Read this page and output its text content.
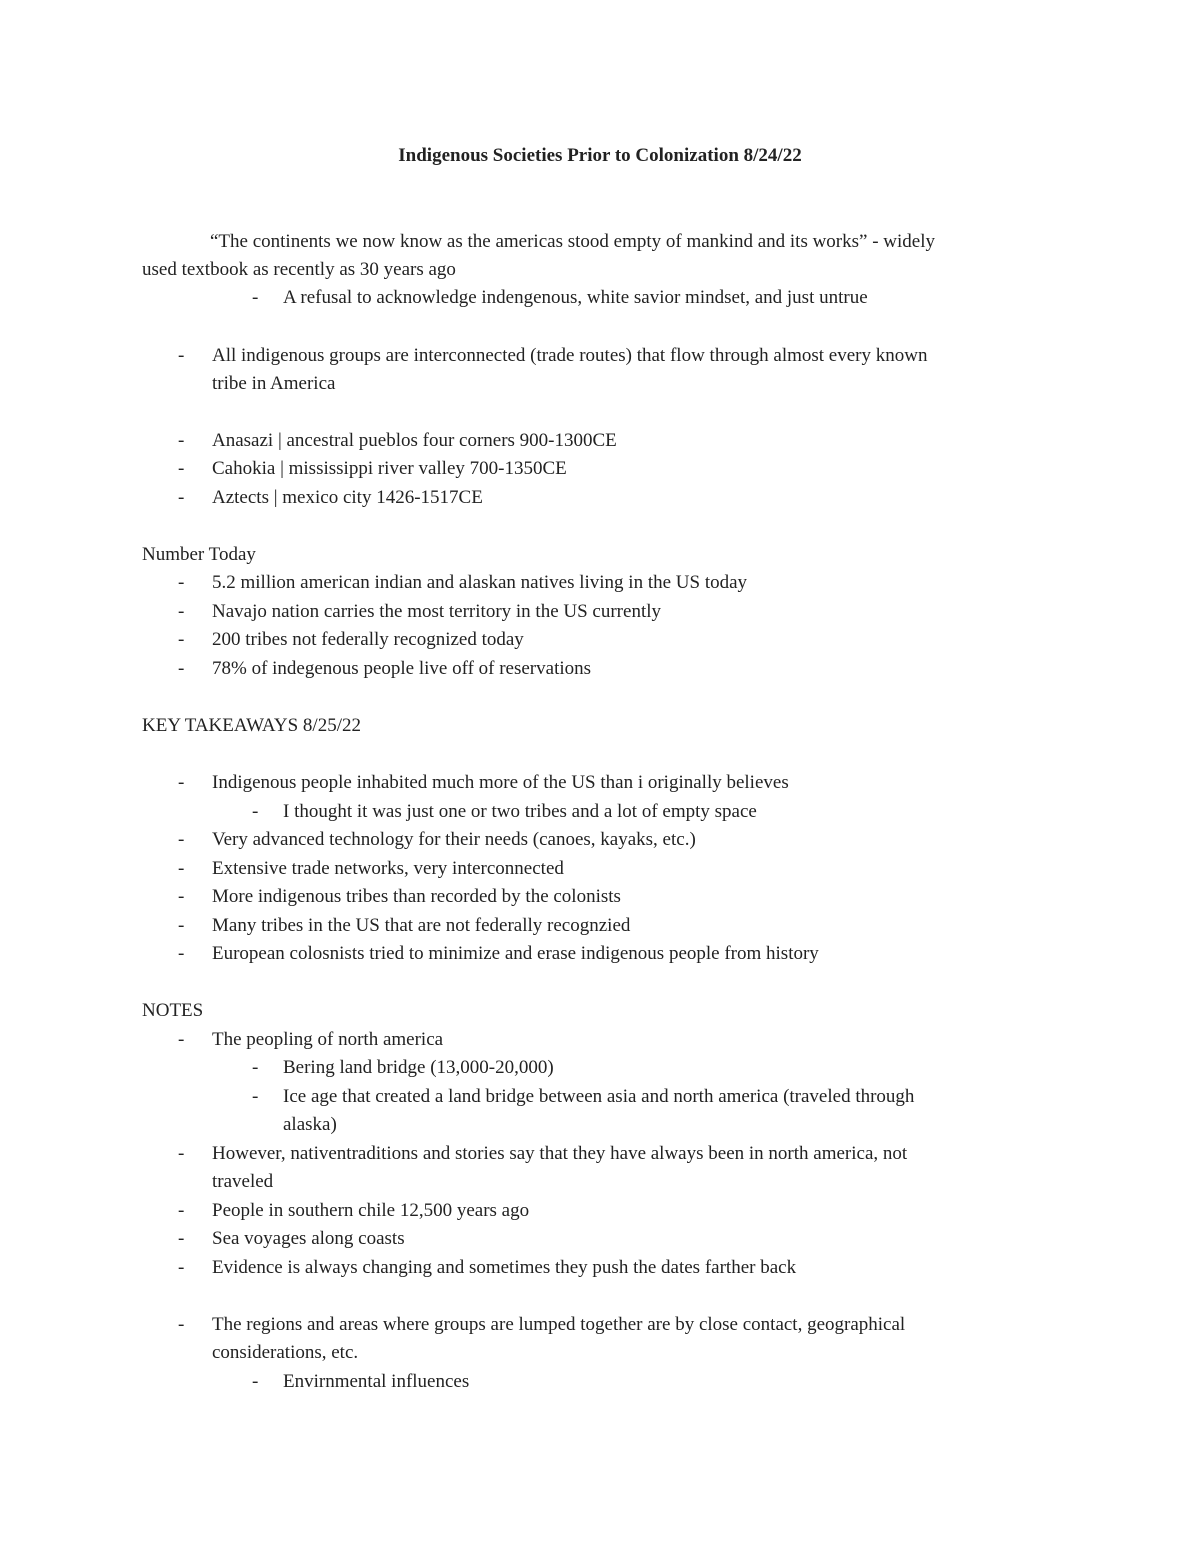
Indigenous Societies Prior to Colonization 8/24/22
“The continents we now know as the americas stood empty of mankind and its works” - widely
used textbook as recently as 30 years ago
- A refusal to acknowledge indengenous, white savior mindset, and just untrue
- All indigenous groups are interconnected (trade routes) that flow through almost every known
tribe in America
- Anasazi | ancestral pueblos four corners 900-1300CE
- Cahokia | mississippi river valley 700-1350CE
- Aztects | mexico city 1426-1517CE
Number Today
- 5.2 million american indian and alaskan natives living in the US today
- Navajo nation carries the most territory in the US currently
- 200 tribes not federally recognized today
- 78% of indegenous people live off of reservations
KEY TAKEAWAYS 8/25/22
- Indigenous people inhabited much more of the US than i originally believes
- I thought it was just one or two tribes and a lot of empty space
- Very advanced technology for their needs (canoes, kayaks, etc.)
- Extensive trade networks, very interconnected
- More indigenous tribes than recorded by the colonists
- Many tribes in the US that are not federally recognzied
- European colosnists tried to minimize and erase indigenous people from history
NOTES
- The peopling of north america
- Bering land bridge (13,000-20,000)
- Ice age that created a land bridge between asia and north america (traveled through
alaska)
- However, nativentraditions and stories say that they have always been in north america, not
traveled
- People in southern chile 12,500 years ago
- Sea voyages along coasts
- Evidence is always changing and sometimes they push the dates farther back
- The regions and areas where groups are lumped together are by close contact, geographical
considerations, etc.
- Envirnmental influences
